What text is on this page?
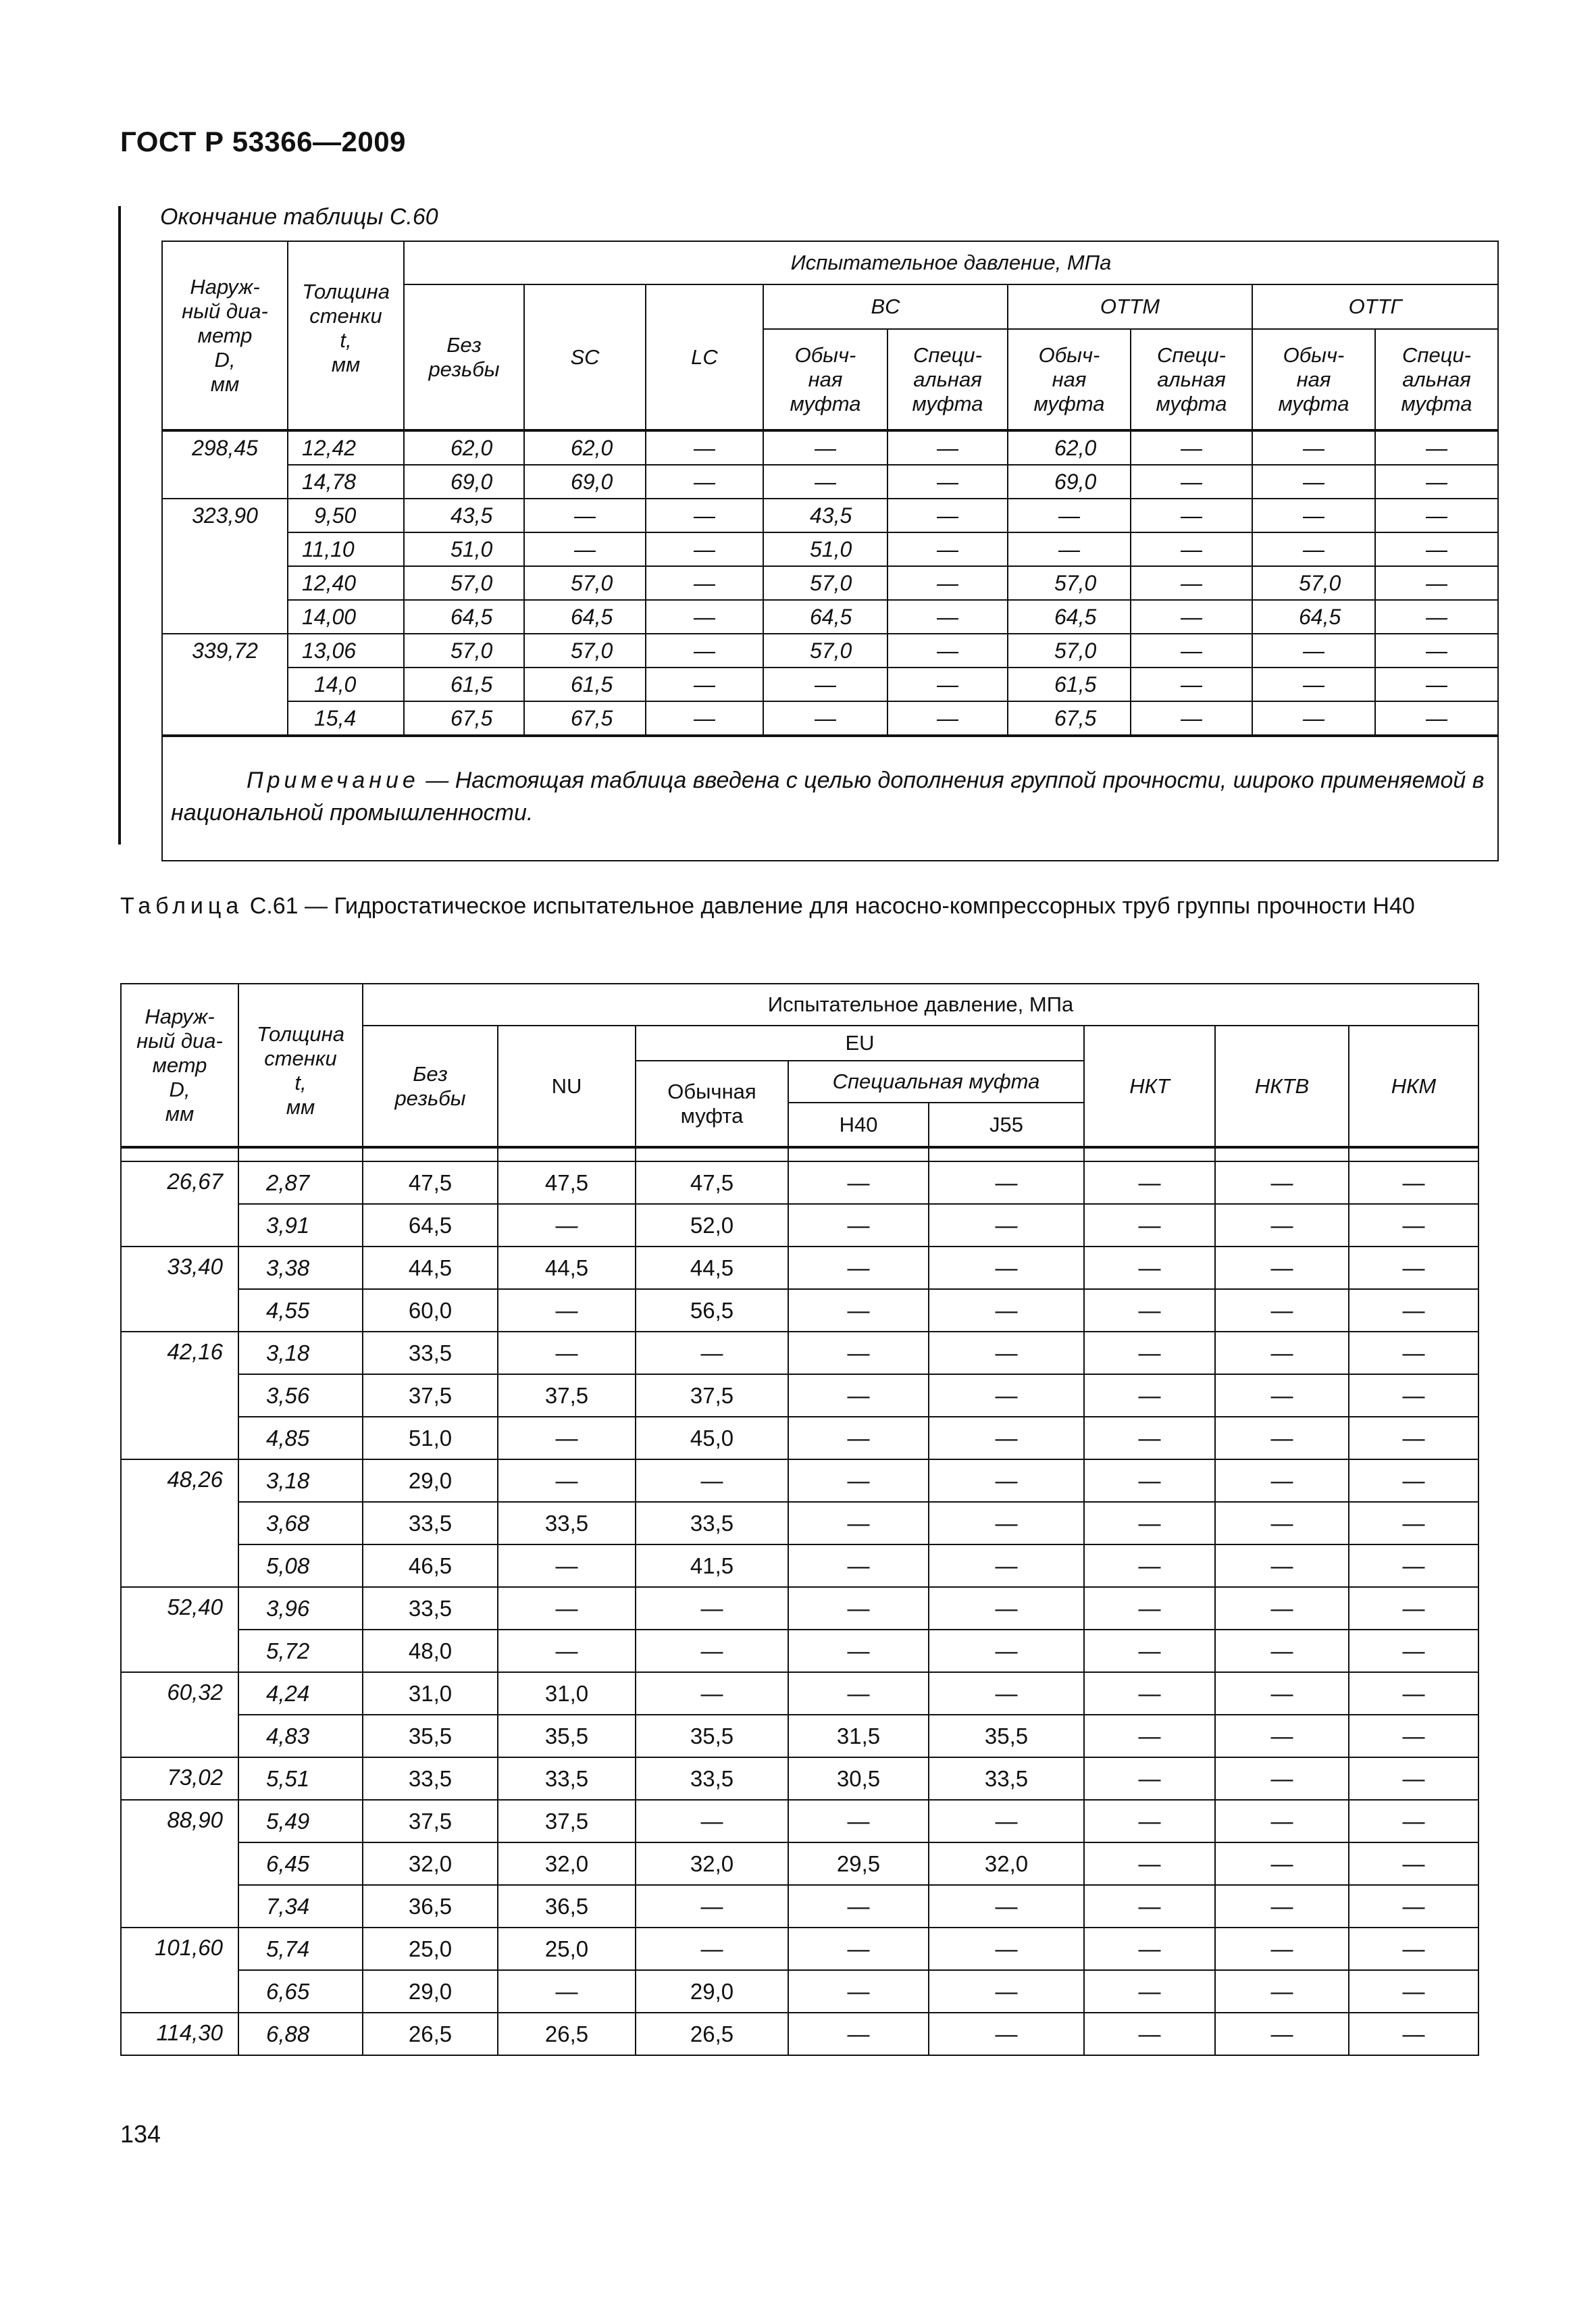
ГОСТ Р 53366—2009
Окончание таблицы С.60
Наруж-
ный диа-
метр
D,
мм	Толщина
стенки
t,
мм	Испытательное давление, МПа								
		Без
резьбы	SC	LC	BC		ОТТМ		ОТТГ	
					Обыч-
ная
муфта	Специ-
альная
муфта	Обыч-
ная
муфта	Специ-
альная
муфта	Обыч-
ная
муфта	Специ-
альная
муфта
298,45	12,42	62,0	62,0	—	—	—	62,0	—	—	—
	14,78	69,0	69,0	—	—	—	69,0	—	—	—
323,90	9,50	43,5	—	—	43,5	—	—	—	—	—
	11,10	51,0	—	—	51,0	—	—	—	—	—
	12,40	57,0	57,0	—	57,0	—	57,0	—	57,0	—
	14,00	64,5	64,5	—	64,5	—	64,5	—	64,5	—
339,72	13,06	57,0	57,0	—	57,0	—	57,0	—	—	—
	14,0	61,5	61,5	—	—	—	61,5	—	—	—
	15,4	67,5	67,5	—	—	—	67,5	—	—	—
Примечание — Настоящая таблица введена с целью дополнения группой прочности, широко применяемой в национальной промышленности.										
Таблица С.61 — Гидростатическое испытательное давление для насосно-компрессорных труб группы прочности Н40
Наруж-
ный диа-
метр
D,
мм	Толщина
стенки
t,
мм	Испытательное давление, МПа							
		Без
резьбы	NU	EU			НКТ	НКТВ	НКМ
				Обычная
муфта	Специальная муфта				
					H40	J55			

26,67	2,87	47,5	47,5	47,5	—	—	—	—	—
	3,91	64,5	—	52,0	—	—	—	—	—
33,40	3,38	44,5	44,5	44,5	—	—	—	—	—
	4,55	60,0	—	56,5	—	—	—	—	—
42,16	3,18	33,5	—	—	—	—	—	—	—
	3,56	37,5	37,5	37,5	—	—	—	—	—
	4,85	51,0	—	45,0	—	—	—	—	—
48,26	3,18	29,0	—	—	—	—	—	—	—
	3,68	33,5	33,5	33,5	—	—	—	—	—
	5,08	46,5	—	41,5	—	—	—	—	—
52,40	3,96	33,5	—	—	—	—	—	—	—
	5,72	48,0	—	—	—	—	—	—	—
60,32	4,24	31,0	31,0	—	—	—	—	—	—
	4,83	35,5	35,5	35,5	31,5	35,5	—	—	—
73,02	5,51	33,5	33,5	33,5	30,5	33,5	—	—	—
88,90	5,49	37,5	37,5	—	—	—	—	—	—
	6,45	32,0	32,0	32,0	29,5	32,0	—	—	—
	7,34	36,5	36,5	—	—	—	—	—	—
101,60	5,74	25,0	25,0	—	—	—	—	—	—
	6,65	29,0	—	29,0	—	—	—	—	—
114,30	6,88	26,5	26,5	26,5	—	—	—	—	—
134
